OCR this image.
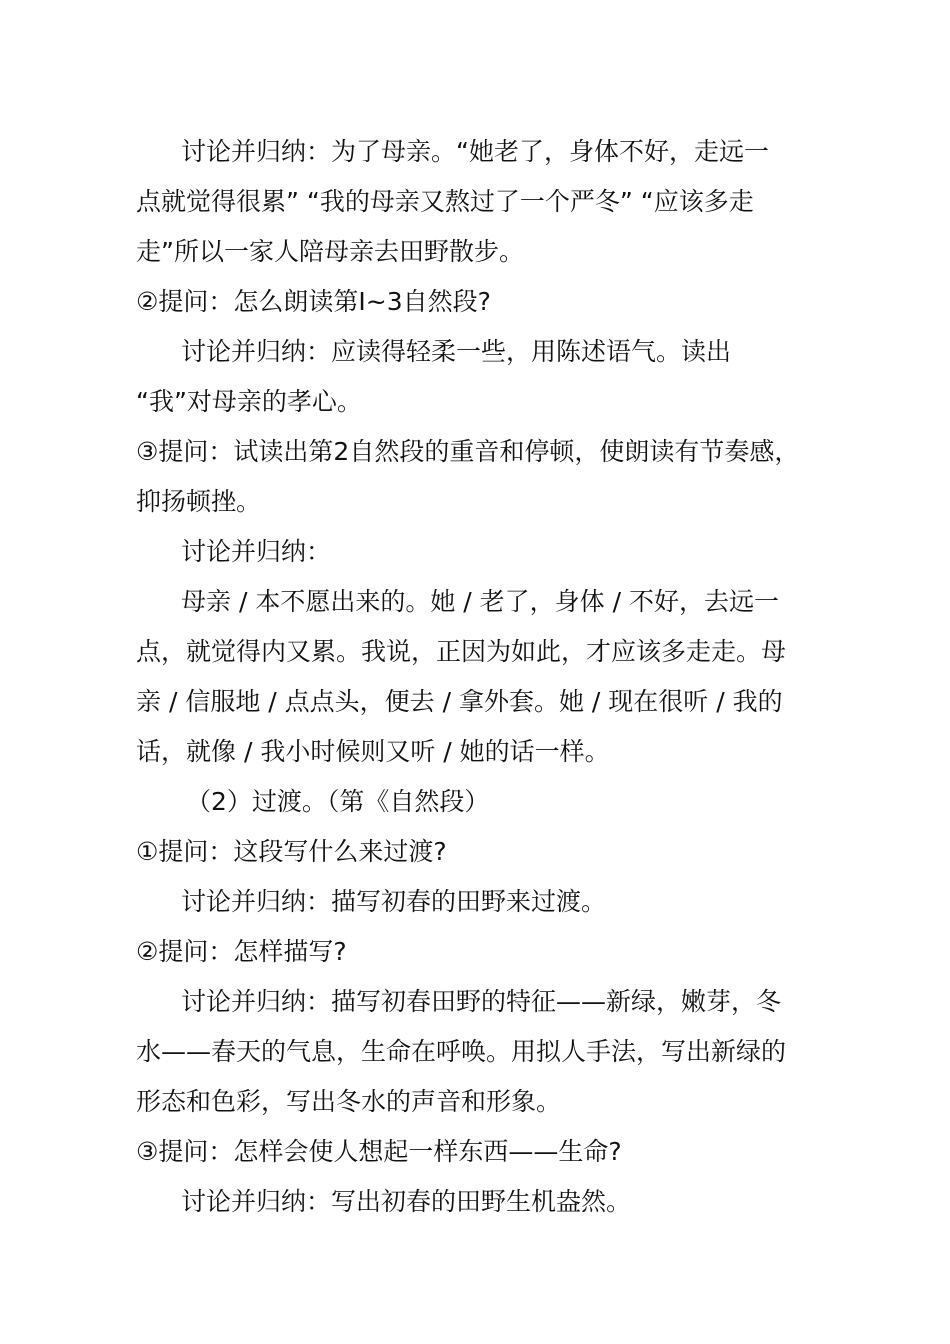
讨论并归纳：为了母亲。“她老了，身体不好，走远一
点就觉得很累” “我的母亲又熬过了一个严冬” “应该多走
走”所以一家人陪母亲去田野散步。
②提问：怎么朗读第Ⅰ~3自然段?
讨论并归纳：应读得轻柔一些，用陈述语气。读出
“我”对母亲的孝心。
③提问：试读出第2自然段的重音和停顿，使朗读有节奏感，
抑扬顿挫。
讨论并归纳：
母亲 / 本不愿出来的。她 / 老了，身体 / 不好，去远一
点，就觉得内又累。我说，正因为如此，才应该多走走。母
亲 / 信服地 / 点点头，便去 / 拿外套。她 / 现在很听 / 我的
话，就像 / 我小时候则又听 / 她的话一样。
（2）过渡。（第《自然段）
①提问：这段写什么来过渡?
讨论并归纳：描写初春的田野来过渡。
②提问：怎样描写?
讨论并归纳：描写初春田野的特征——新绿，嫩芽，冬
水——春天的气息，生命在呼唤。用拟人手法，写出新绿的
形态和色彩，写出冬水的声音和形象。
③提问：怎样会使人想起一样东西——生命?
讨论并归纳：写出初春的田野生机盎然。
